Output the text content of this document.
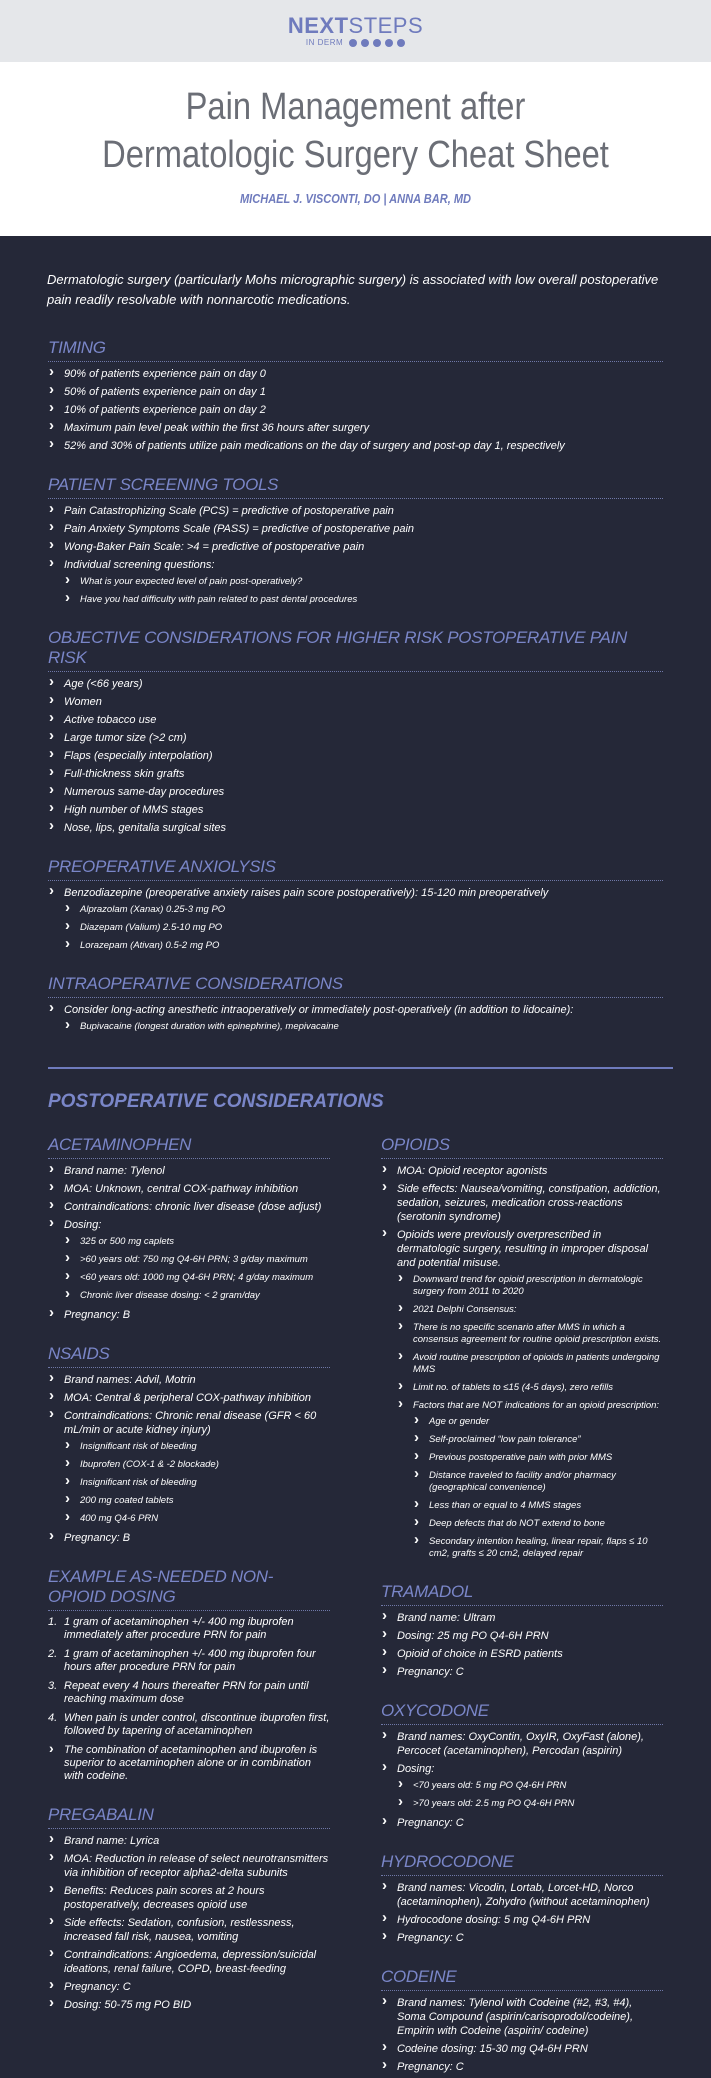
NEXTSTEPS
IN DERM
Pain Management after
Dermatologic Surgery Cheat Sheet
MICHAEL J. VISCONTI, DO | ANNA BAR, MD

Dermatologic surgery (particularly Mohs micrographic surgery) is associated with low overall postoperative pain readily resolvable with nonnarcotic medications.

TIMING
› 90% of patients experience pain on day 0
› 50% of patients experience pain on day 1
› 10% of patients experience pain on day 2
› Maximum pain level peak within the first 36 hours after surgery
› 52% and 30% of patients utilize pain medications on the day of surgery and post-op day 1, respectively
PATIENT SCREENING TOOLS
› Pain Catastrophizing Scale (PCS) = predictive of postoperative pain
› Pain Anxiety Symptoms Scale (PASS) = predictive of postoperative pain
› Wong-Baker Pain Scale: >4 = predictive of postoperative pain
› Individual screening questions:
› What is your expected level of pain post-operatively?
› Have you had difficulty with pain related to past dental procedures
OBJECTIVE CONSIDERATIONS FOR HIGHER RISK POSTOPERATIVE PAIN RISK
› Age (<66 years)
› Women
› Active tobacco use
› Large tumor size (>2 cm)
› Flaps (especially interpolation)
› Full-thickness skin grafts
› Numerous same-day procedures
› High number of MMS stages
› Nose, lips, genitalia surgical sites
PREOPERATIVE ANXIOLYSIS
› Benzodiazepine (preoperative anxiety raises pain score postoperatively): 15-120 min preoperatively
› Alprazolam (Xanax) 0.25-3 mg PO
› Diazepam (Valium) 2.5-10 mg PO
› Lorazepam (Ativan) 0.5-2 mg PO
INTRAOPERATIVE CONSIDERATIONS
› Consider long-acting anesthetic intraoperatively or immediately post-operatively (in addition to lidocaine):
› Bupivacaine (longest duration with epinephrine), mepivacaine
POSTOPERATIVE CONSIDERATIONS
ACETAMINOPHEN
› Brand name: Tylenol
› MOA: Unknown, central COX-pathway inhibition
› Contraindications: chronic liver disease (dose adjust)
› Dosing:
› 325 or 500 mg caplets
› >60 years old: 750 mg Q4-6H PRN; 3 g/day maximum
› <60 years old: 1000 mg Q4-6H PRN; 4 g/day maximum
› Chronic liver disease dosing: < 2 gram/day
› Pregnancy: B
NSAIDS
› Brand names: Advil, Motrin
› MOA: Central & peripheral COX-pathway inhibition
› Contraindications: Chronic renal disease (GFR < 60 mL/min or acute kidney injury)
› Insignificant risk of bleeding
› Ibuprofen (COX-1 & -2 blockade)
› Insignificant risk of bleeding
› 200 mg coated tablets
› 400 mg Q4-6 PRN
› Pregnancy: B
EXAMPLE AS-NEEDED NON-OPIOID DOSING
1. 1 gram of acetaminophen +/- 400 mg ibuprofen immediately after procedure PRN for pain
2. 1 gram of acetaminophen +/- 400 mg ibuprofen four hours after procedure PRN for pain
3. Repeat every 4 hours thereafter PRN for pain until reaching maximum dose
4. When pain is under control, discontinue ibuprofen first, followed by tapering of acetaminophen
› The combination of acetaminophen and ibuprofen is superior to acetaminophen alone or in combination with codeine.
PREGABALIN
› Brand name: Lyrica
› MOA: Reduction in release of select neurotransmitters via inhibition of receptor alpha2-delta subunits
› Benefits: Reduces pain scores at 2 hours postoperatively, decreases opioid use
› Side effects: Sedation, confusion, restlessness, increased fall risk, nausea, vomiting
› Contraindications: Angioedema, depression/suicidal ideations, renal failure, COPD, breast-feeding
› Pregnancy: C
› Dosing: 50-75 mg PO BID
OPIOIDS
› MOA: Opioid receptor agonists
› Side effects: Nausea/vomiting, constipation, addiction, sedation, seizures, medication cross-reactions (serotonin syndrome)
› Opioids were previously overprescribed in dermatologic surgery, resulting in improper disposal and potential misuse.
› Downward trend for opioid prescription in dermatologic surgery from 2011 to 2020
› 2021 Delphi Consensus:
› There is no specific scenario after MMS in which a consensus agreement for routine opioid prescription exists.
› Avoid routine prescription of opioids in patients undergoing MMS
› Limit no. of tablets to ≤15 (4-5 days), zero refills
› Factors that are NOT indications for an opioid prescription:
› Age or gender
› Self-proclaimed “low pain tolerance”
› Previous postoperative pain with prior MMS
› Distance traveled to facility and/or pharmacy (geographical convenience)
› Less than or equal to 4 MMS stages
› Deep defects that do NOT extend to bone
› Secondary intention healing, linear repair, flaps ≤ 10 cm2, grafts ≤ 20 cm2, delayed repair
TRAMADOL
› Brand name: Ultram
› Dosing: 25 mg PO Q4-6H PRN
› Opioid of choice in ESRD patients
› Pregnancy: C
OXYCODONE
› Brand names: OxyContin, OxyIR, OxyFast (alone), Percocet (acetaminophen), Percodan (aspirin)
› Dosing:
› <70 years old: 5 mg PO Q4-6H PRN
› >70 years old: 2.5 mg PO Q4-6H PRN
› Pregnancy: C
HYDROCODONE
› Brand names: Vicodin, Lortab, Lorcet-HD, Norco (acetaminophen), Zohydro (without acetaminophen)
› Hydrocodone dosing: 5 mg Q4-6H PRN
› Pregnancy: C
CODEINE
› Brand names: Tylenol with Codeine (#2, #3, #4), Soma Compound (aspirin/carisoprodol/codeine), Empirin with Codeine (aspirin/ codeine)
› Codeine dosing: 15-30 mg Q4-6H PRN
› Pregnancy: C
